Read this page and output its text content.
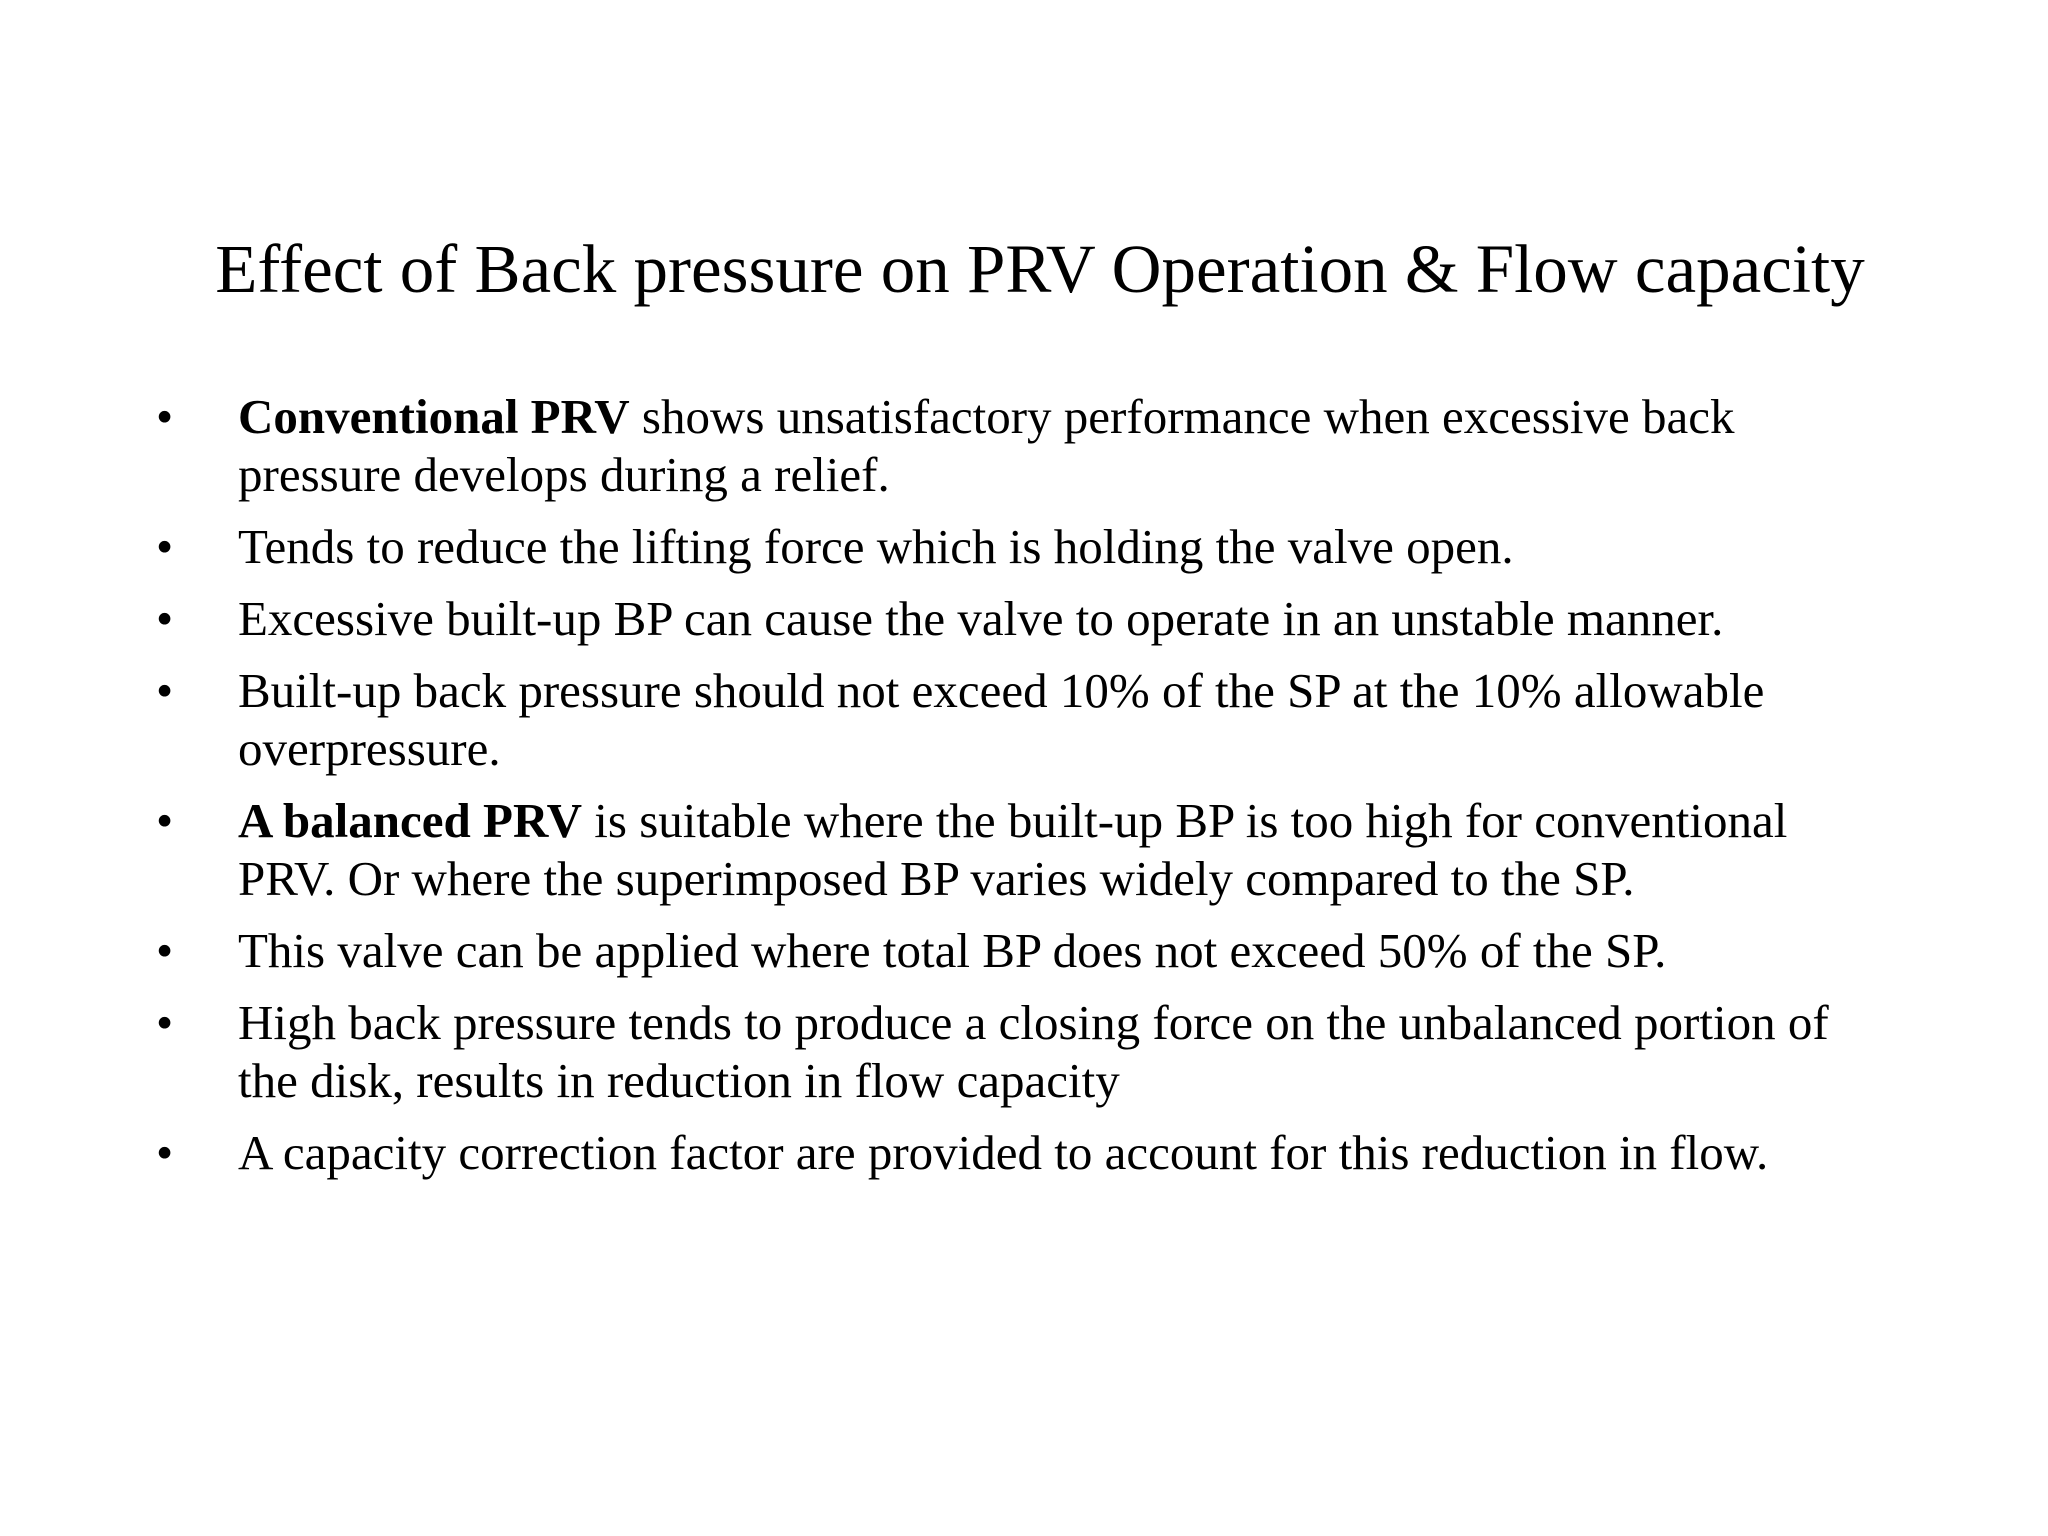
Effect of Back pressure on PRV Operation & Flow capacity
• Conventional PRV shows unsatisfactory performance when excessive back pressure develops during a relief.
• Tends to reduce the lifting force which is holding the valve open.
• Excessive built-up BP can cause the valve to operate in an unstable manner.
• Built-up back pressure should not exceed 10% of the SP at the 10% allowable overpressure.
• A balanced PRV is suitable where the built-up BP is too high for conventional PRV. Or where the superimposed BP varies widely compared to the SP.
• This valve can be applied where total BP does not exceed 50% of the SP.
• High back pressure tends to produce a closing force on the unbalanced portion of the disk, results in reduction in flow capacity
• A capacity correction factor are provided to account for this reduction in flow.
